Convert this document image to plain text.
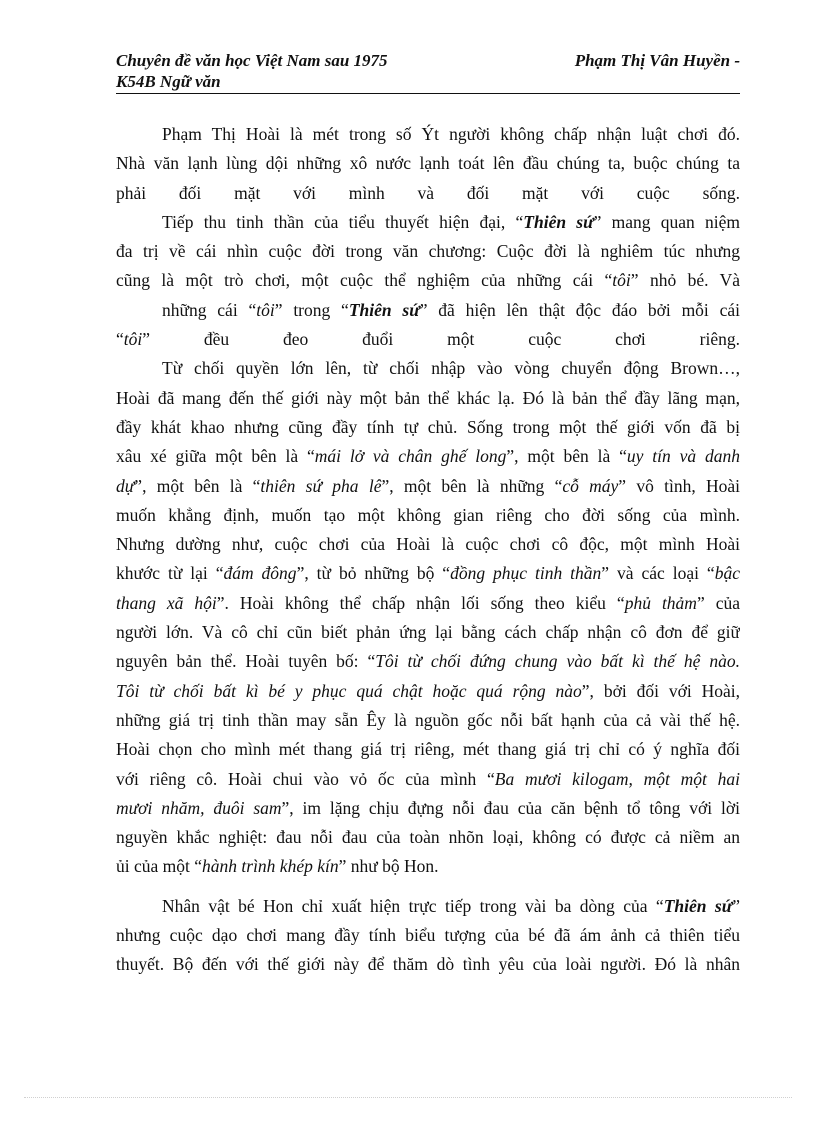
Chuyên đề văn học Việt Nam sau 1975	Phạm Thị Vân Huyền -
K54B Ngữ văn
Phạm Thị Hoài là mét trong số Ýt người không chấp nhận luật chơi đó.
Nhà văn lạnh lùng dội những xô nước lạnh toát lên đầu chúng ta, buộc chúng ta
phải đối mặt với mình và đối mặt với cuộc sống.
Tiếp thu tinh thần của tiểu thuyết hiện đại, “Thiên sứ” mang quan niệm
đa trị về cái nhìn cuộc đời trong văn chương: Cuộc đời là nghiêm túc nhưng
cũng là một trò chơi, một cuộc thể nghiệm của những cái “tôi” nhỏ bé. Và
những cái “tôi” trong “Thiên sứ” đã hiện lên thật độc đáo bởi mỗi cái
“tôi” đều đeo đuổi một cuộc chơi riêng.
Từ chối quyền lớn lên, từ chối nhập vào vòng chuyển động Brown…,
Hoài đã mang đến thế giới này một bản thể khác lạ. Đó là bản thể đầy lãng mạn,
đầy khát khao nhưng cũng đầy tính tự chủ. Sống trong một thế giới vốn đã bị
xâu xé giữa một bên là “mái lở và chân ghế long”, một bên là “uy tín và danh
dự”, một bên là “thiên sứ pha lê”, một bên là những “cỗ máy” vô tình, Hoài
muốn khẳng định, muốn tạo một không gian riêng cho đời sống của mình.
Nhưng dường như, cuộc chơi của Hoài là cuộc chơi cô độc, một mình Hoài
khước từ lại “đám đông”, từ bỏ những bộ “đồng phục tinh thần” và các loại “bậc
thang xã hội”. Hoài không thể chấp nhận lối sống theo kiểu “phủ thảm” của
người lớn. Và cô chỉ cũn biết phản ứng lại bằng cách chấp nhận cô đơn để giữ
nguyên bản thể. Hoài tuyên bố: “Tôi từ chối đứng chung vào bất kì thế hệ nào.
Tôi từ chối bất kì bé y phục quá chật hoặc quá rộng nào”, bởi đối với Hoài,
những giá trị tinh thần may sẵn Êy là nguồn gốc nỗi bất hạnh của cả vài thế hệ.
Hoài chọn cho mình mét thang giá trị riêng, mét thang giá trị chỉ có ý nghĩa đối
với riêng cô. Hoài chui vào vỏ ốc của mình “Ba mươi kilogam, một một hai
mươi nhăm, đuôi sam”, im lặng chịu đựng nỗi đau của căn bệnh tổ tông với lời
nguyền khắc nghiệt: đau nỗi đau của toàn nhõn loại, không có được cả niềm an
ủi của một “hành trình khép kín” như bộ Hon.
Nhân vật bé Hon chỉ xuất hiện trực tiếp trong vài ba dòng của “Thiên sứ”
nhưng cuộc dạo chơi mang đầy tính biểu tượng của bé đã ám ảnh cả thiên tiểu
thuyết. Bộ đến với thế giới này để thăm dò tình yêu của loài người. Đó là nhân
